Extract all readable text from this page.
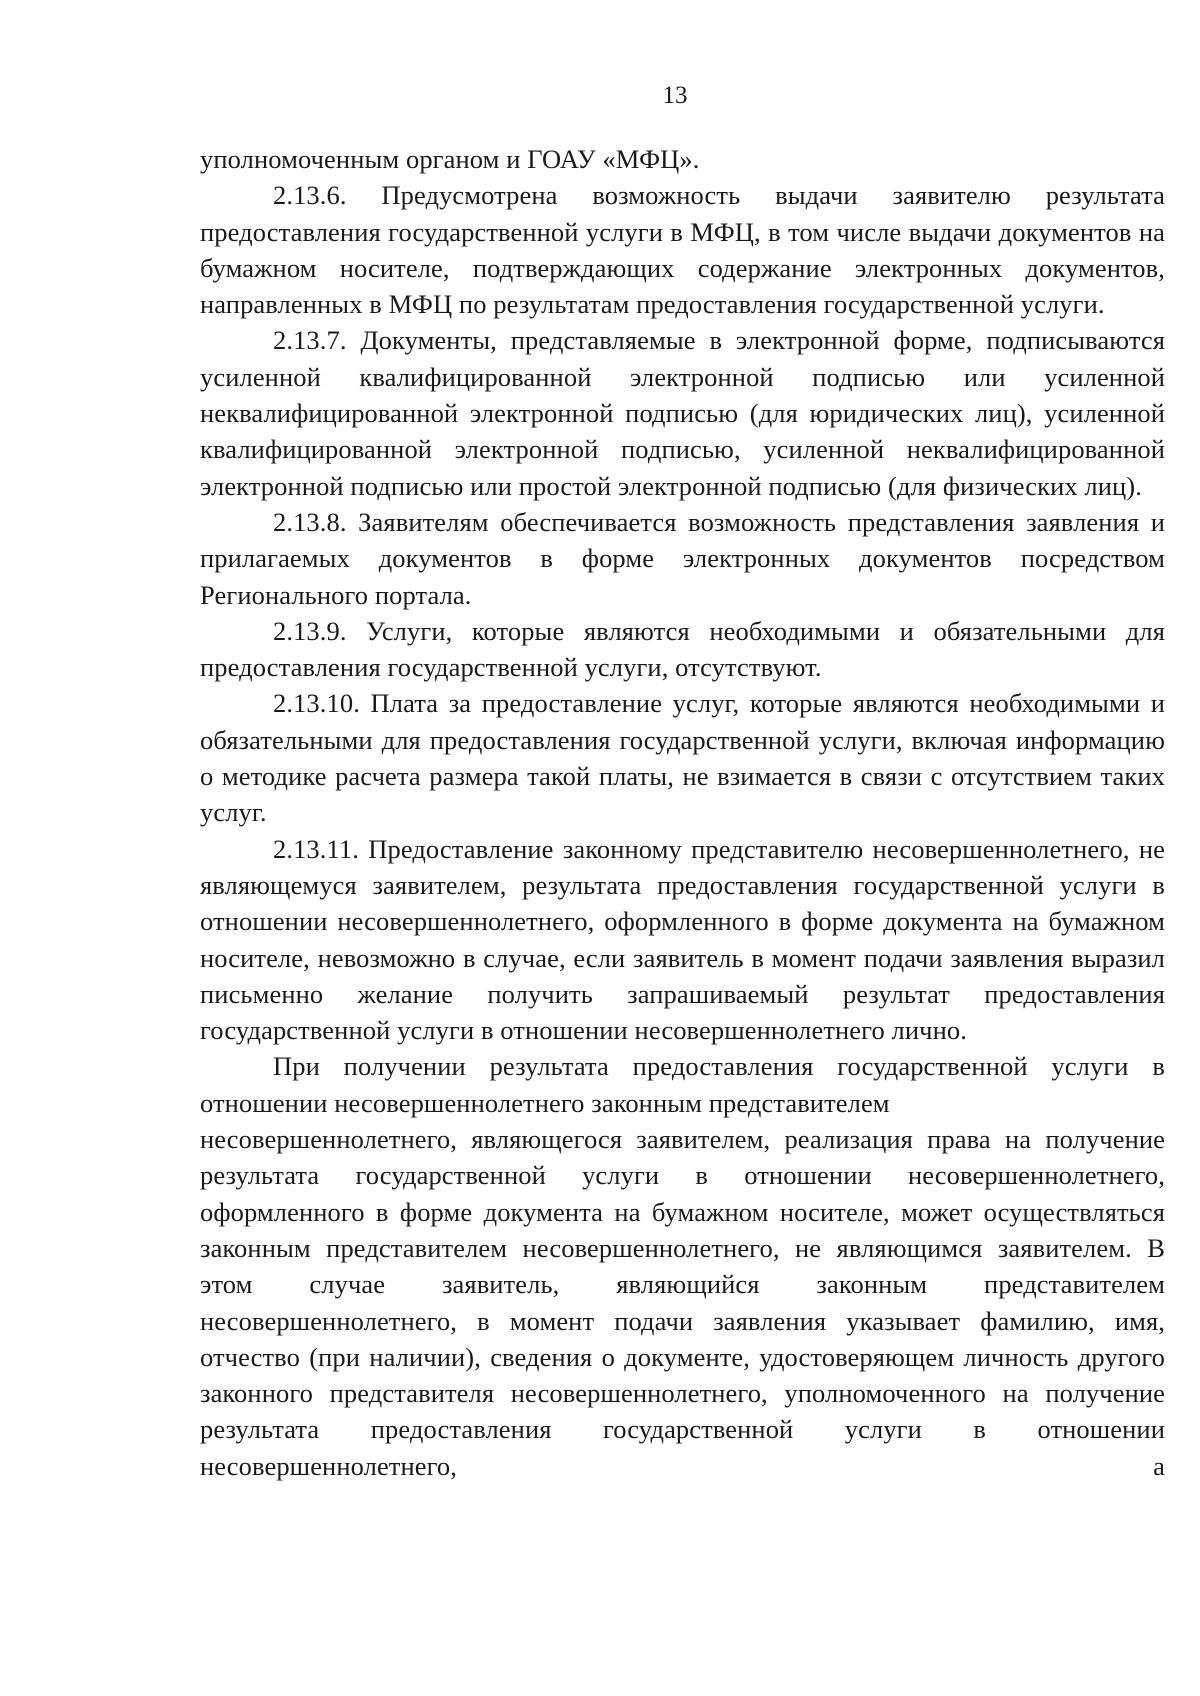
13

уполномоченным органом и ГОАУ «МФЦ».

2.13.6. Предусмотрена возможность выдачи заявителю результата предоставления государственной услуги в МФЦ, в том числе выдачи документов на бумажном носителе, подтверждающих содержание электронных документов, направленных в МФЦ по результатам предоставления государственной услуги.

2.13.7. Документы, представляемые в электронной форме, подписываются усиленной квалифицированной электронной подписью или усиленной неквалифицированной электронной подписью (для юридических лиц), усиленной квалифицированной электронной подписью, усиленной неквалифицированной электронной подписью или простой электронной подписью (для физических лиц).

2.13.8. Заявителям обеспечивается возможность представления заявления и прилагаемых документов в форме электронных документов посредством Регионального портала.

2.13.9. Услуги, которые являются необходимыми и обязательными для предоставления государственной услуги, отсутствуют.

2.13.10. Плата за предоставление услуг, которые являются необходимыми и обязательными для предоставления государственной услуги, включая информацию о методике расчета размера такой платы, не взимается в связи с отсутствием таких услуг.

2.13.11. Предоставление законному представителю несовершеннолетнего, не являющемуся заявителем, результата предоставления государственной услуги в отношении несовершеннолетнего, оформленного в форме документа на бумажном носителе, невозможно в случае, если заявитель в момент подачи заявления выразил письменно желание получить запрашиваемый результат предоставления государственной услуги в отношении несовершеннолетнего лично.

При получении результата предоставления государственной услуги в отношении несовершеннолетнего законным представителем

несовершеннолетнего, являющегося заявителем, реализация права на получение результата государственной услуги в отношении несовершеннолетнего, оформленного в форме документа на бумажном носителе, может осуществляться законным представителем несовершеннолетнего, не являющимся заявителем. В этом случае заявитель, являющийся законным представителем несовершеннолетнего, в момент подачи заявления указывает фамилию, имя, отчество (при наличии), сведения о документе, удостоверяющем личность другого законного представителя несовершеннолетнего, уполномоченного на получение результата предоставления государственной услуги в отношении несовершеннолетнего, а
